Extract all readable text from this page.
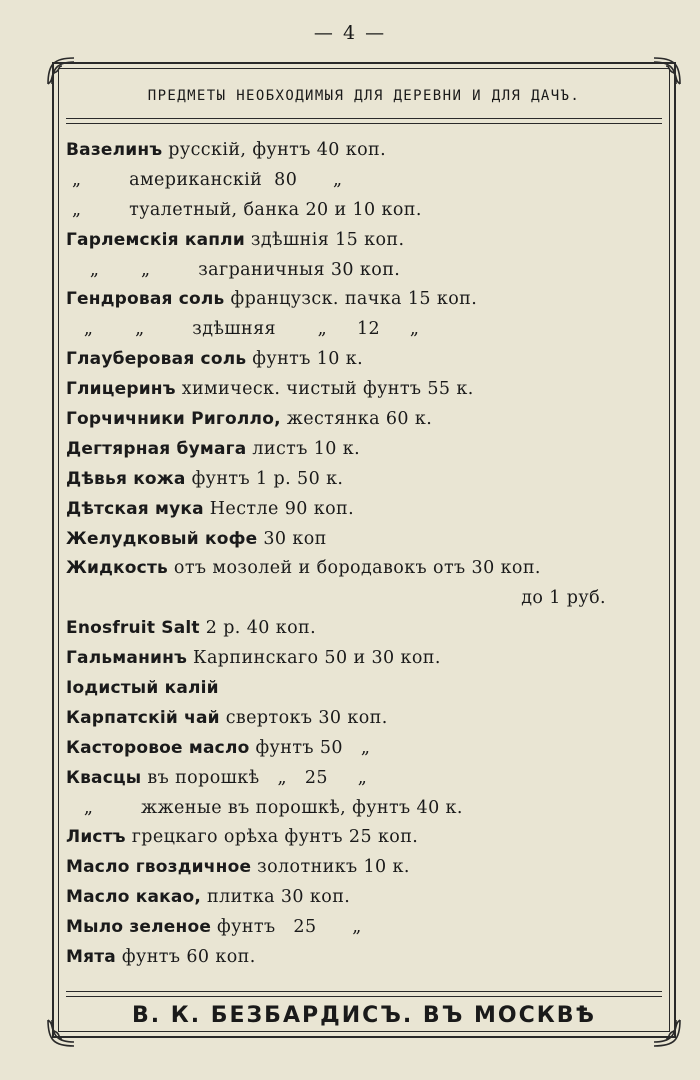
— 4 —
ПРЕДМЕТЫ НЕОБХОДИМЫЯ ДЛЯ ДЕРЕВНИ И ДЛЯ ДАЧЪ.
Вазелинъ русскій, фунтъ 40 коп.
„        американскій  80      „
„        туалетный, банка 20 и 10 коп.
Гарлемскія капли здѣшнія 15 коп.
„       „        заграничныя 30 коп.
Гендровая соль французск. пачка 15 коп.
„       „        здѣшняя       „     12     „
Глауберовая соль фунтъ 10 к.
Глицеринъ химическ. чистый фунтъ 55 к.
Горчичники Риголло, жестянка 60 к.
Дегтярная бумага листъ 10 к.
Дѣвья кожа фунтъ 1 р. 50 к.
Дѣтская мука Нестле 90 коп.
Желудковый кофе 30 коп
Жидкость отъ мозолей и бородавокъ отъ 30 коп.
до 1 руб.
Enosfruit Salt 2 р. 40 коп.
Гальманинъ Карпинскаго 50 и 30 коп.
Іодистый калій
Карпатскій чай свертокъ 30 коп.
Касторовое масло фунтъ 50   „
Квасцы въ порошкѣ   „   25     „
„        жженые въ порошкѣ, фунтъ 40 к.
Листъ грецкаго орѣха фунтъ 25 коп.
Масло гвоздичное золотникъ 10 к.
Масло какао, плитка 30 коп.
Мыло зеленое фунтъ   25      „
Мята фунтъ 60 коп.
В. К. БЕЗБАРДИСЪ. ВЪ МОСКВѢ
